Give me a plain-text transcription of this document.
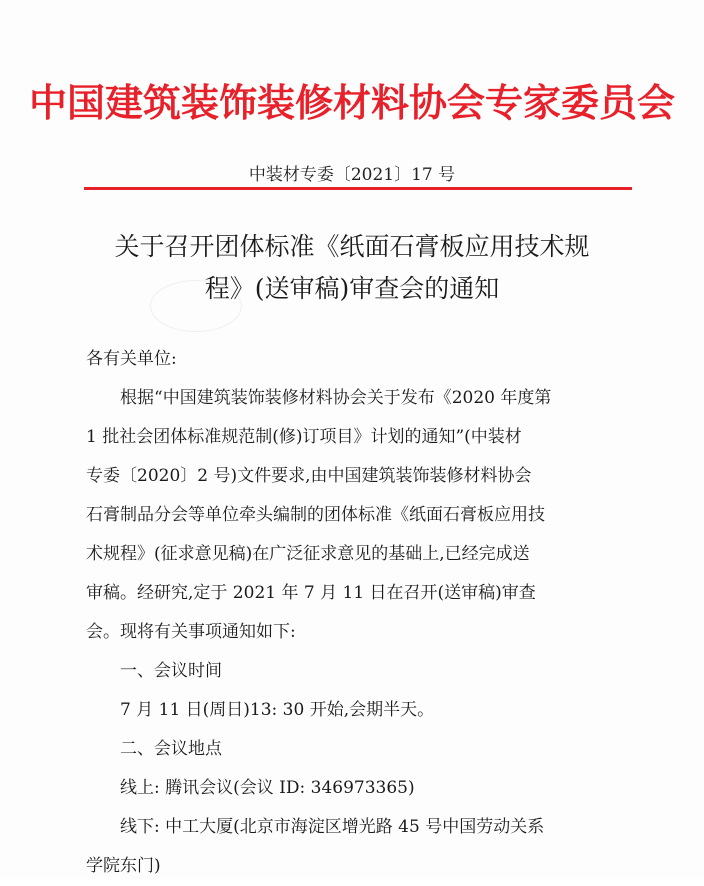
中国建筑装饰装修材料协会专家委员会
中装材专委〔2021〕17 号
关于召开团体标准《纸面石膏板应用技术规
程》(送审稿)审查会的通知
各有关单位:
根据“中国建筑装饰装修材料协会关于发布《2020 年度第
1 批社会团体标准规范制(修)订项目》计划的通知”(中装材
专委〔2020〕2 号)文件要求,由中国建筑装饰装修材料协会
石膏制品分会等单位牵头编制的团体标准《纸面石膏板应用技
术规程》(征求意见稿)在广泛征求意见的基础上,已经完成送
审稿。经研究,定于 2021 年 7 月 11 日在召开(送审稿)审查
会。现将有关事项通知如下:
一、会议时间
7 月 11 日(周日)13: 30 开始,会期半天。
二、会议地点
线上: 腾讯会议(会议 ID: 346973365)
线下: 中工大厦(北京市海淀区增光路 45 号中国劳动关系
学院东门)
